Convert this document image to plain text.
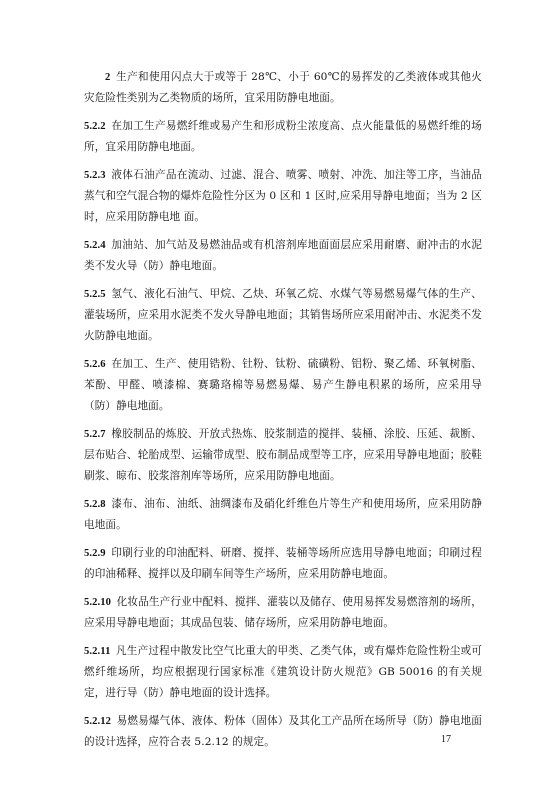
2 生产和使用闪点大于或等于 28℃、小于 60℃的易挥发的乙类液体或其他火灾危险性类别为乙类物质的场所，宜采用防静电地面。

5.2.2 在加工生产易燃纤维或易产生和形成粉尘浓度高、点火能量低的易燃纤维的场所，宜采用防静电地面。

5.2.3 液体石油产品在流动、过滤、混合、喷雾、喷射、冲洗、加注等工序，当油品蒸气和空气混合物的爆炸危险性分区为 0 区和 1 区时,应采用导静电地面；当为 2 区时，应采用防静电地 面。

5.2.4 加油站、加气站及易燃油品或有机溶剂库地面面层应采用耐磨、耐冲击的水泥类不发火导（防）静电地面。

5.2.5 氢气、液化石油气、甲烷、乙炔、环氧乙烷、水煤气等易燃易爆气体的生产、灌装场所，应采用水泥类不发火导静电地面；其销售场所应采用耐冲击、水泥类不发火防静电地面。

5.2.6 在加工、生产、使用锆粉、钍粉、钛粉、硫磺粉、铝粉、聚乙烯、环氧树脂、苯酚、甲醛、喷漆棉、赛璐珞棉等易燃易爆、易产生静电积累的场所，应采用导（防）静电地面。

5.2.7 橡胶制品的炼胶、开放式热炼、胶浆制造的搅拌、装桶、涂胶、压延、裁断、层布贴合、轮胎成型、运输带成型、胶布制品成型等工序，应采用导静电地面；胶鞋刷浆、晾布、胶浆溶剂库等场所，应采用防静电地面。

5.2.8 漆布、油布、油纸、油绸漆布及硝化纤维色片等生产和使用场所，应采用防静电地面。

5.2.9 印刷行业的印油配料、研磨、搅拌、装桶等场所应选用导静电地面；印刷过程的印油稀释、搅拌以及印刷车间等生产场所，应采用防静电地面。

5.2.10 化妆品生产行业中配料、搅拌、灌装以及储存、使用易挥发易燃溶剂的场所，应采用导静电地面；其成品包装、储存场所，应采用防静电地面。

5.2.11 凡生产过程中散发比空气比重大的甲类、乙类气体，或有爆炸危险性粉尘或可燃纤维场所，均应根据现行国家标准《建筑设计防火规范》GB 50016 的有关规定，进行导（防）静电地面的设计选择。

5.2.12 易燃易爆气体、液体、粉体（固体）及其化工产品所在场所导（防）静电地面的设计选择，应符合表 5.2.12 的规定。	17
